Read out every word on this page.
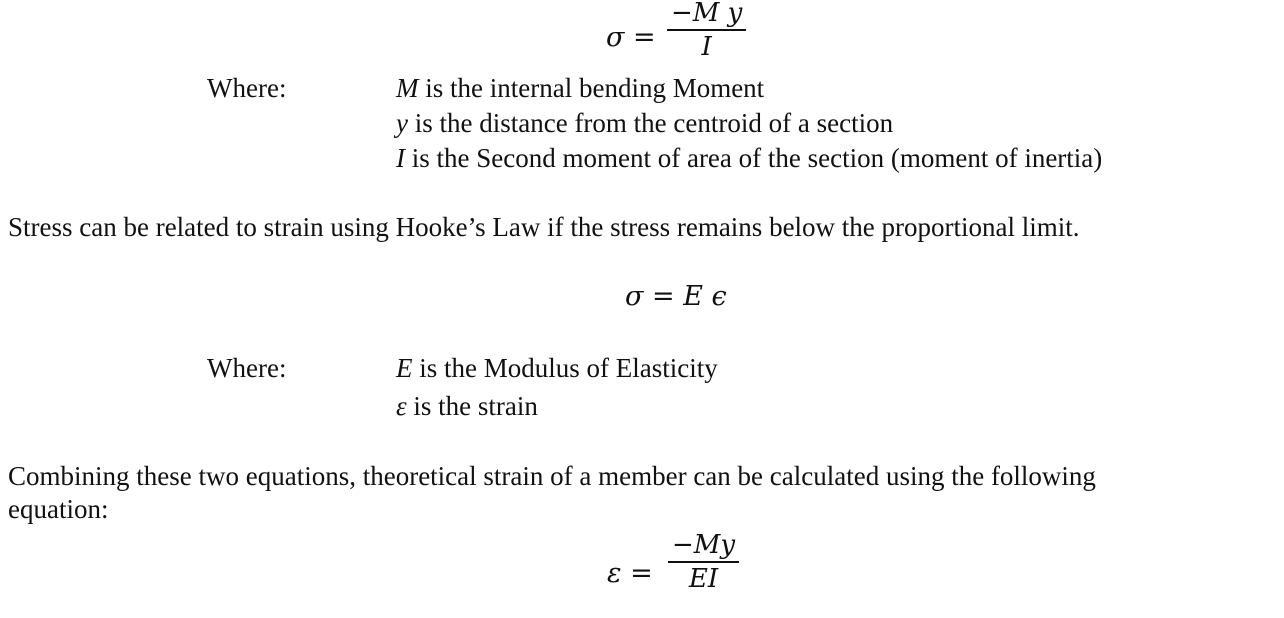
σ =
−M y
I
Where:	M is the internal bending Moment
y is the distance from the centroid of a section
I is the Second moment of area of the section (moment of inertia)
Stress can be related to strain using Hooke’s Law if the stress remains below the proportional limit.
σ = E ϵ
Where:	E is the Modulus of Elasticity
ε is the strain
Combining these two equations, theoretical strain of a member can be calculated using the following
equation:
ε =
−My
EI
